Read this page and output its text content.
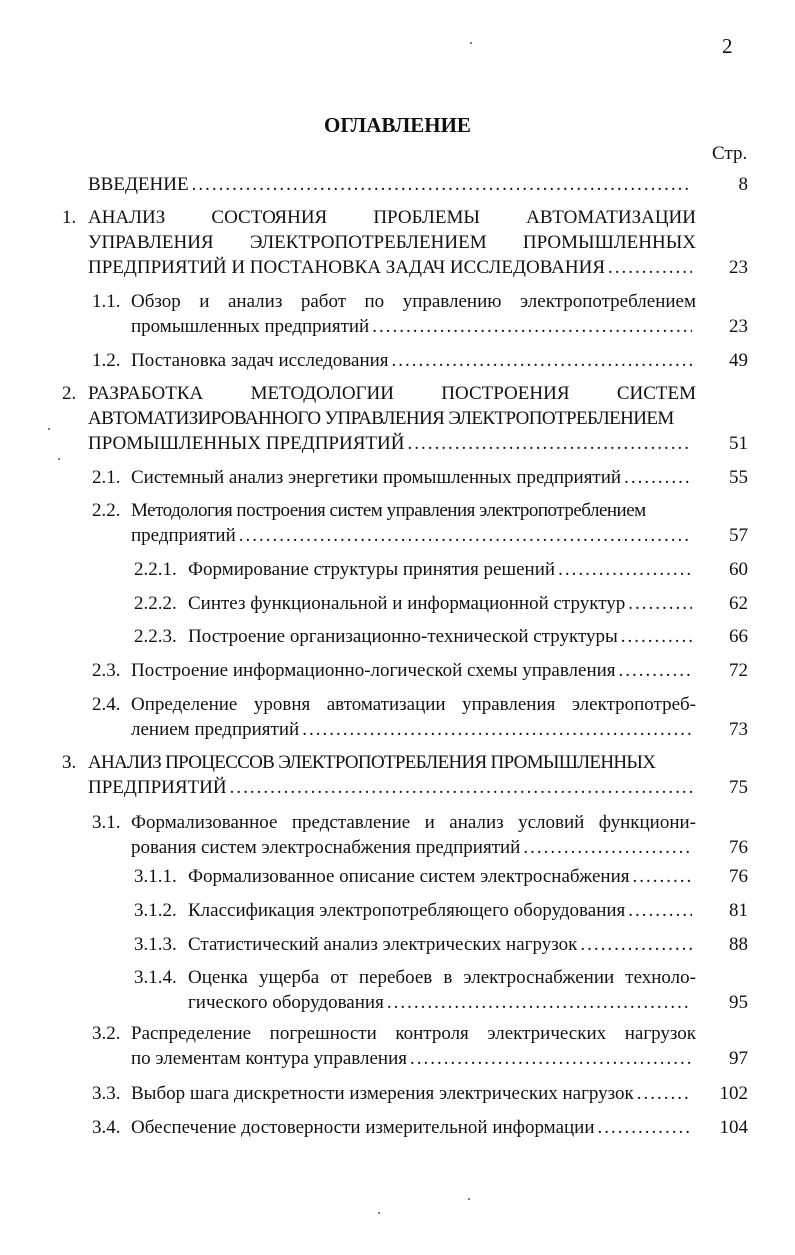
2
ОГЛАВЛЕНИЕ
Стр.
ВВЕДЕНИЕ .....	8
1. АНАЛИЗ СОСТОЯНИЯ ПРОБЛЕМЫ АВТОМАТИЗАЦИИ
УПРАВЛЕНИЯ ЭЛЕКТРОПОТРЕБЛЕНИЕМ ПРОМЫШЛЕННЫХ
ПРЕДПРИЯТИЙ И ПОСТАНОВКА ЗАДАЧ ИССЛЕДОВАНИЯ .....	23
1.1. Обзор и анализ работ по управлению электропотреблением
промышленных предприятий .....	23
1.2. Постановка задач исследования .....	49
2. РАЗРАБОТКА МЕТОДОЛОГИИ ПОСТРОЕНИЯ СИСТЕМ
АВТОМАТИЗИРОВАННОГО УПРАВЛЕНИЯ ЭЛЕКТРОПОТРЕБЛЕНИЕМ
ПРОМЫШЛЕННЫХ ПРЕДПРИЯТИЙ .....	51
2.1. Системный анализ энергетики промышленных предприятий .....	55
2.2. Методология построения систем управления электропотреблением
предприятий .....	57
2.2.1. Формирование структуры принятия решений .....	60
2.2.2. Синтез функциональной и информационной структур .....	62
2.2.3. Построение организационно-технической структуры .....	66
2.3. Построение информационно-логической схемы управления .....	72
2.4. Определение уровня автоматизации управления электропотреб-
лением предприятий .....	73
3. АНАЛИЗ ПРОЦЕССОВ ЭЛЕКТРОПОТРЕБЛЕНИЯ ПРОМЫШЛЕННЫХ
ПРЕДПРИЯТИЙ .....	75
3.1. Формализованное представление и анализ условий функциони-
рования систем электроснабжения предприятий .....	76
3.1.1. Формализованное описание систем электроснабжения .....	76
3.1.2. Классификация электропотребляющего оборудования .....	81
3.1.3. Статистический анализ электрических нагрузок .....	88
3.1.4. Оценка ущерба от перебоев в электроснабжении техноло-
гического оборудования .....	95
3.2. Распределение погрешности контроля электрических нагрузок
по элементам контура управления .....	97
3.3. Выбор шага дискретности измерения электрических нагрузок .....	102
3.4. Обеспечение достоверности измерительной информации .....	104
